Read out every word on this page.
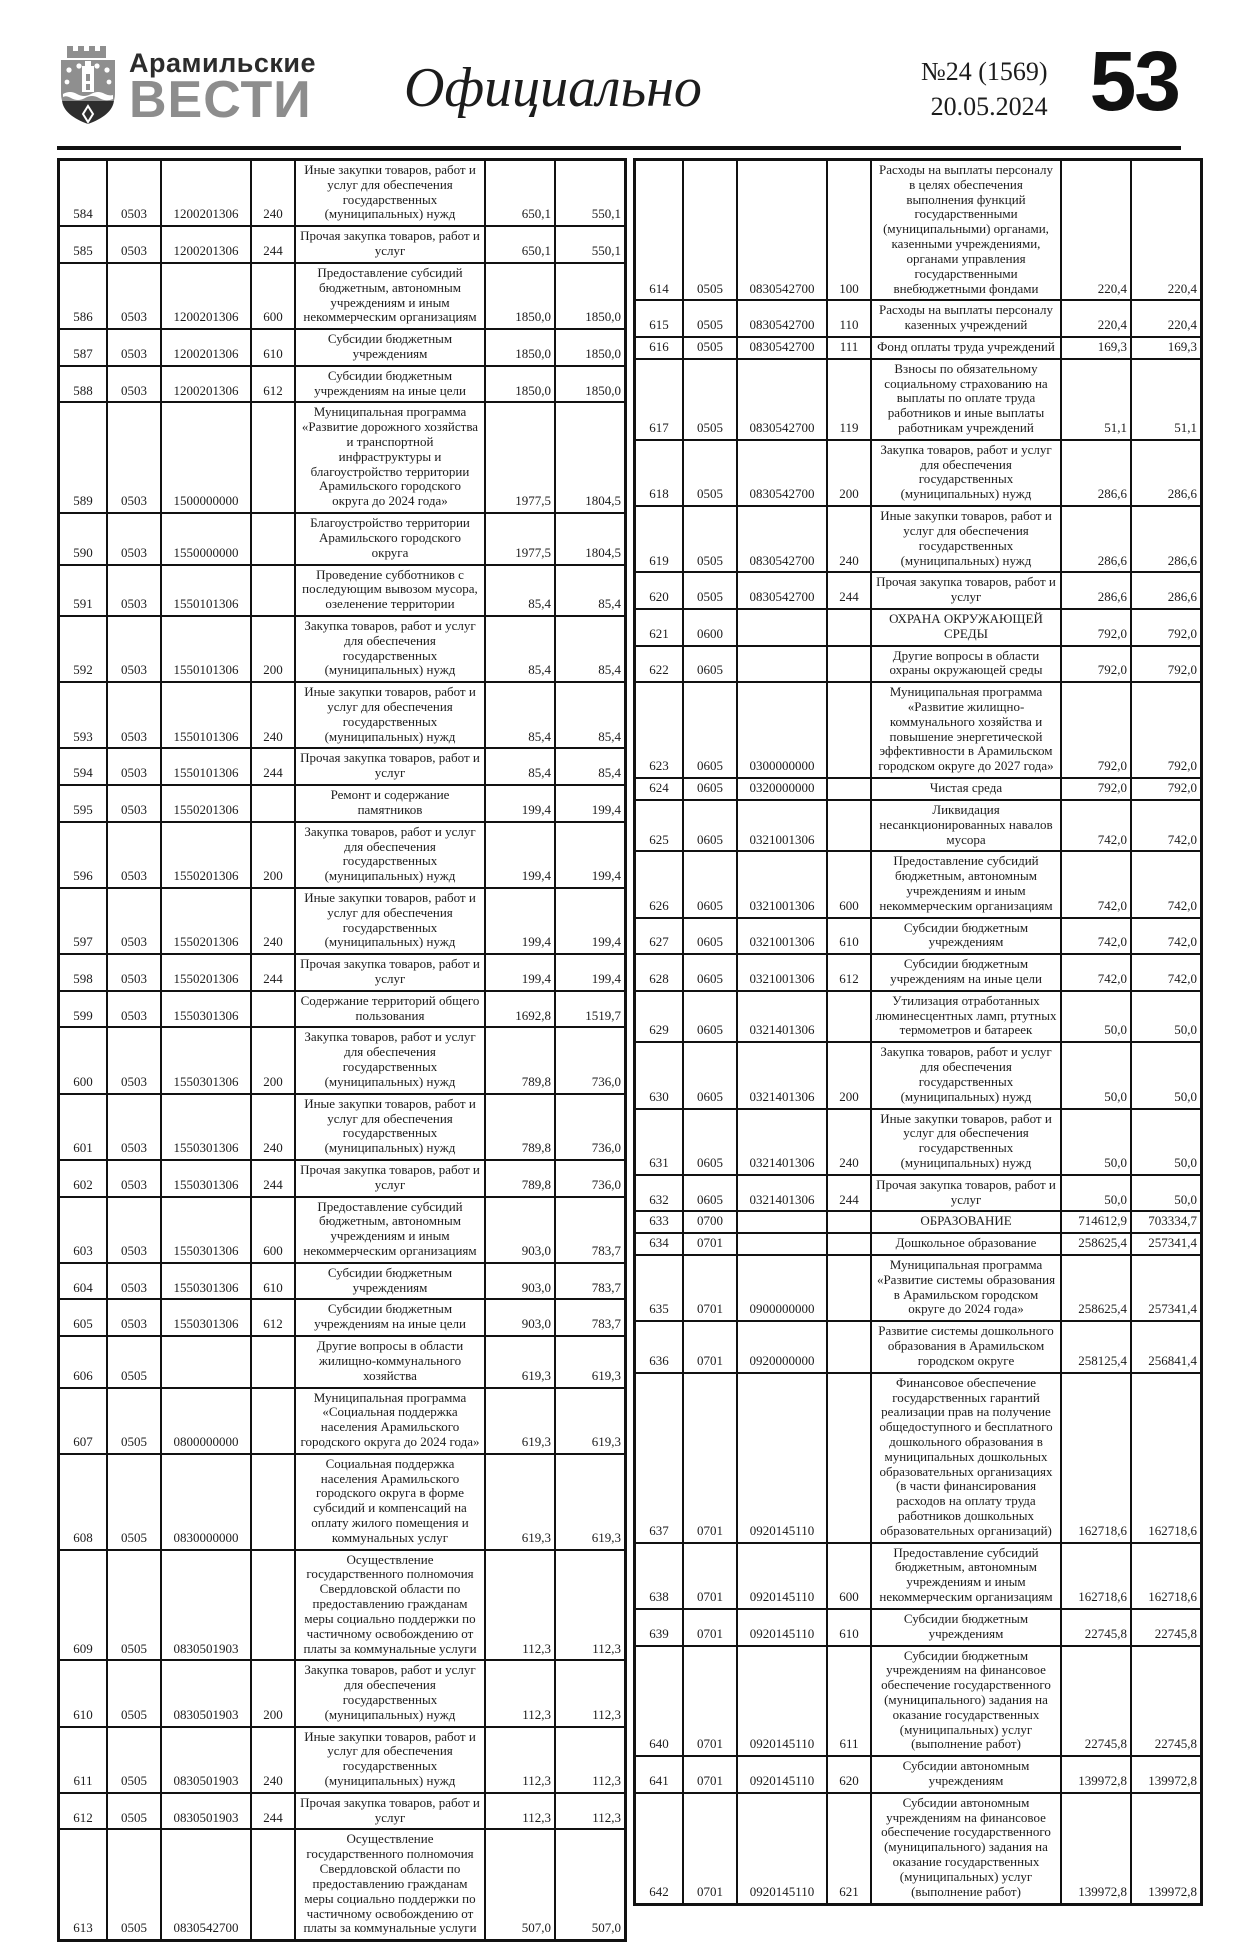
Арамильские
ВЕСТИ Официально	№24 (1569)
20.05.2024 53
584	0503	1200201306	240	Иные закупки товаров, работ и услуг для обеспечения государственных (муниципальных) нужд	650,1	550,1	
585	0503	1200201306	244	Прочая закупка товаров, работ и услуг	650,1	550,1	
586	0503	1200201306	600	Предоставление субсидий бюджетным, автономным учреждениям и иным некоммерческим организациям	1850,0	1850,0	
587	0503	1200201306	610	Субсидии бюджетным учреждениям	1850,0	1850,0	
588	0503	1200201306	612	Субсидии бюджетным учреждениям на иные цели	1850,0	1850,0	
589	0503	1500000000		Муниципальная программа «Развитие дорожного хозяйства и транспортной инфраструктуры и благоустройство территории Арамильского городского округа до 2024 года»	1977,5	1804,5	
590	0503	1550000000		Благоустройство территории Арамильского городского округа	1977,5	1804,5	
591	0503	1550101306		Проведение субботников с последующим вывозом мусора, озеленение территории	85,4	85,4	
592	0503	1550101306	200	Закупка товаров, работ и услуг для обеспечения государственных (муниципальных) нужд	85,4	85,4	
593	0503	1550101306	240	Иные закупки товаров, работ и услуг для обеспечения государственных (муниципальных) нужд	85,4	85,4	
594	0503	1550101306	244	Прочая закупка товаров, работ и услуг	85,4	85,4	
595	0503	1550201306		Ремонт и содержание памятников	199,4	199,4	
596	0503	1550201306	200	Закупка товаров, работ и услуг для обеспечения государственных (муниципальных) нужд	199,4	199,4	
597	0503	1550201306	240	Иные закупки товаров, работ и услуг для обеспечения государственных (муниципальных) нужд	199,4	199,4	
598	0503	1550201306	244	Прочая закупка товаров, работ и услуг	199,4	199,4	
599	0503	1550301306		Содержание территорий общего пользования	1692,8	1519,7	
600	0503	1550301306	200	Закупка товаров, работ и услуг для обеспечения государственных (муниципальных) нужд	789,8	736,0	
601	0503	1550301306	240	Иные закупки товаров, работ и услуг для обеспечения государственных (муниципальных) нужд	789,8	736,0	
602	0503	1550301306	244	Прочая закупка товаров, работ и услуг	789,8	736,0	
603	0503	1550301306	600	Предоставление субсидий бюджетным, автономным учреждениям и иным некоммерческим организациям	903,0	783,7	
604	0503	1550301306	610	Субсидии бюджетным учреждениям	903,0	783,7	
605	0503	1550301306	612	Субсидии бюджетным учреждениям на иные цели	903,0	783,7	
606	0505			Другие вопросы в области жилищно-коммунального хозяйства	619,3	619,3	
607	0505	0800000000		Муниципальная программа «Социальная поддержка населения Арамильского городского округа до 2024 года»	619,3	619,3	
608	0505	0830000000		Социальная поддержка населения Арамильского городского округа в форме субсидий и компенсаций на оплату жилого помещения и коммунальных услуг	619,3	619,3	
609	0505	0830501903		Осуществление государственного полномочия Свердловской области по предоставлению гражданам меры социально поддержки по частичному освобождению от платы за коммунальные услуги	112,3	112,3	
610	0505	0830501903	200	Закупка товаров, работ и услуг для обеспечения государственных (муниципальных) нужд	112,3	112,3	
611	0505	0830501903	240	Иные закупки товаров, работ и услуг для обеспечения государственных (муниципальных) нужд	112,3	112,3	
612	0505	0830501903	244	Прочая закупка товаров, работ и услуг	112,3	112,3	
613	0505	0830542700		Осуществление государственного полномочия Свердловской области по предоставлению гражданам меры социально поддержки по частичному освобождению от платы за коммунальные услуги	507,0	507,0	
614	0505	0830542700	100	Расходы на выплаты персоналу в целях обеспечения выполнения функций государственными (муниципальными) органами, казенными учреждениями, органами управления государственными внебюджетными фондами	220,4	220,4	
615	0505	0830542700	110	Расходы на выплаты персоналу казенных учреждений	220,4	220,4	
616	0505	0830542700	111	Фонд оплаты труда учреждений	169,3	169,3	
617	0505	0830542700	119	Взносы по обязательному социальному страхованию на выплаты по оплате труда работников и иные выплаты работникам учреждений	51,1	51,1	
618	0505	0830542700	200	Закупка товаров, работ и услуг для обеспечения государственных (муниципальных) нужд	286,6	286,6	
619	0505	0830542700	240	Иные закупки товаров, работ и услуг для обеспечения государственных (муниципальных) нужд	286,6	286,6	
620	0505	0830542700	244	Прочая закупка товаров, работ и услуг	286,6	286,6	
621	0600			ОХРАНА ОКРУЖАЮЩЕЙ СРЕДЫ	792,0	792,0	
622	0605			Другие вопросы в области охраны окружающей среды	792,0	792,0	
623	0605	0300000000		Муниципальная программа «Развитие жилищно-коммунального хозяйства и повышение энергетической эффективности в Арамильском городском округе до 2027 года»	792,0	792,0	
624	0605	0320000000		Чистая среда	792,0	792,0	
625	0605	0321001306		Ликвидация несанкционированных навалов мусора	742,0	742,0	
626	0605	0321001306	600	Предоставление субсидий бюджетным, автономным учреждениям и иным некоммерческим организациям	742,0	742,0	
627	0605	0321001306	610	Субсидии бюджетным учреждениям	742,0	742,0	
628	0605	0321001306	612	Субсидии бюджетным учреждениям на иные цели	742,0	742,0	
629	0605	0321401306		Утилизация отработанных люминесцентных ламп, ртутных термометров и батареек	50,0	50,0	
630	0605	0321401306	200	Закупка товаров, работ и услуг для обеспечения государственных (муниципальных) нужд	50,0	50,0	
631	0605	0321401306	240	Иные закупки товаров, работ и услуг для обеспечения государственных (муниципальных) нужд	50,0	50,0	
632	0605	0321401306	244	Прочая закупка товаров, работ и услуг	50,0	50,0	
633	0700			ОБРАЗОВАНИЕ	714612,9	703334,7	
634	0701			Дошкольное образование	258625,4	257341,4	
635	0701	0900000000		Муниципальная программа «Развитие системы образования в Арамильском городском округе до 2024 года»	258625,4	257341,4	
636	0701	0920000000		Развитие системы дошкольного образования в Арамильском городском округе	258125,4	256841,4	
637	0701	0920145110		Финансовое обеспечение государственных гарантий реализации прав на получение общедоступного и бесплатного дошкольного образования в муниципальных дошкольных образовательных организациях (в части финансирования расходов на оплату труда работников дошкольных образовательных организаций)	162718,6	162718,6	
638	0701	0920145110	600	Предоставление субсидий бюджетным, автономным учреждениям и иным некоммерческим организациям	162718,6	162718,6	
639	0701	0920145110	610	Субсидии бюджетным учреждениям	22745,8	22745,8	
640	0701	0920145110	611	Субсидии бюджетным учреждениям на финансовое обеспечение государственного (муниципального) задания на оказание государственных (муниципальных) услуг (выполнение работ)	22745,8	22745,8	
641	0701	0920145110	620	Субсидии автономным учреждениям	139972,8	139972,8	
642	0701	0920145110	621	Субсидии автономным учреждениям на финансовое обеспечение государственного (муниципального) задания на оказание государственных (муниципальных) услуг (выполнение работ)	139972,8	139972,8	
